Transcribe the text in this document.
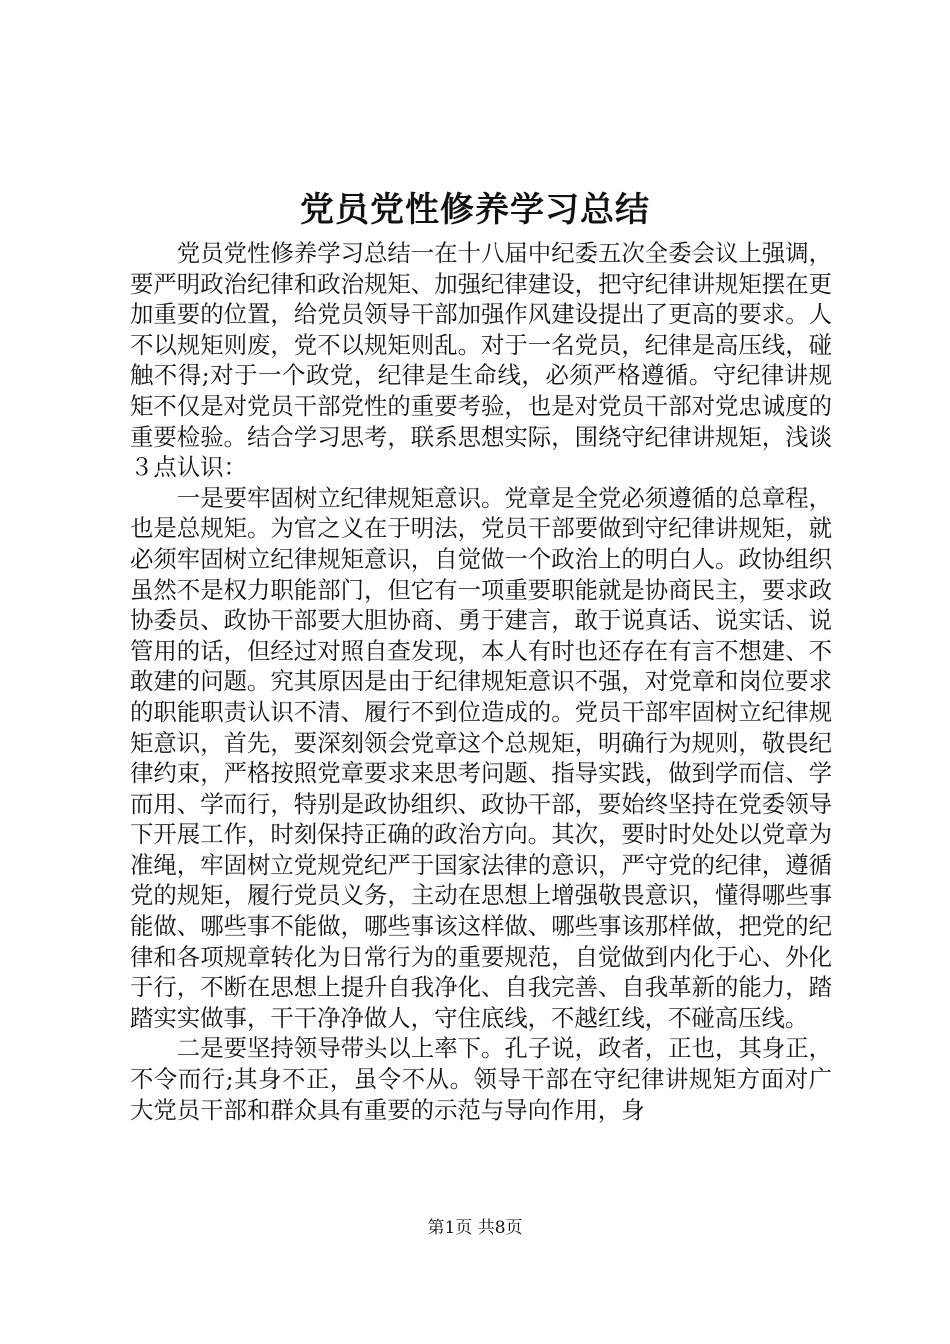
党员党性修养学习总结

党员党性修养学习总结一在十八届中纪委五次全委会议上强调，要严明政治纪律和政治规矩、加强纪律建设，把守纪律讲规矩摆在更加重要的位置，给党员领导干部加强作风建设提出了更高的要求。人不以规矩则废，党不以规矩则乱。对于一名党员，纪律是高压线，碰触不得;对于一个政党，纪律是生命线，必须严格遵循。守纪律讲规矩不仅是对党员干部党性的重要考验，也是对党员干部对党忠诚度的重要检验。结合学习思考，联系思想实际，围绕守纪律讲规矩，浅谈３点认识：

一是要牢固树立纪律规矩意识。党章是全党必须遵循的总章程，也是总规矩。为官之义在于明法，党员干部要做到守纪律讲规矩，就必须牢固树立纪律规矩意识，自觉做一个政治上的明白人。政协组织虽然不是权力职能部门，但它有一项重要职能就是协商民主，要求政协委员、政协干部要大胆协商、勇于建言，敢于说真话、说实话、说管用的话，但经过对照自查发现，本人有时也还存在有言不想建、不敢建的问题。究其原因是由于纪律规矩意识不强，对党章和岗位要求的职能职责认识不清、履行不到位造成的。党员干部牢固树立纪律规矩意识，首先，要深刻领会党章这个总规矩，明确行为规则，敬畏纪律约束，严格按照党章要求来思考问题、指导实践，做到学而信、学而用、学而行，特别是政协组织、政协干部，要始终坚持在党委领导下开展工作，时刻保持正确的政治方向。其次，要时时处处以党章为准绳，牢固树立党规党纪严于国家法律的意识，严守党的纪律，遵循党的规矩，履行党员义务，主动在思想上增强敬畏意识，懂得哪些事能做、哪些事不能做，哪些事该这样做、哪些事该那样做，把党的纪律和各项规章转化为日常行为的重要规范，自觉做到内化于心、外化于行，不断在思想上提升自我净化、自我完善、自我革新的能力，踏踏实实做事，干干净净做人，守住底线，不越红线，不碰高压线。

二是要坚持领导带头以上率下。孔子说，政者，正也，其身正，不令而行;其身不正，虽令不从。领导干部在守纪律讲规矩方面对广大党员干部和群众具有重要的示范与导向作用，身

第1页 共8页
